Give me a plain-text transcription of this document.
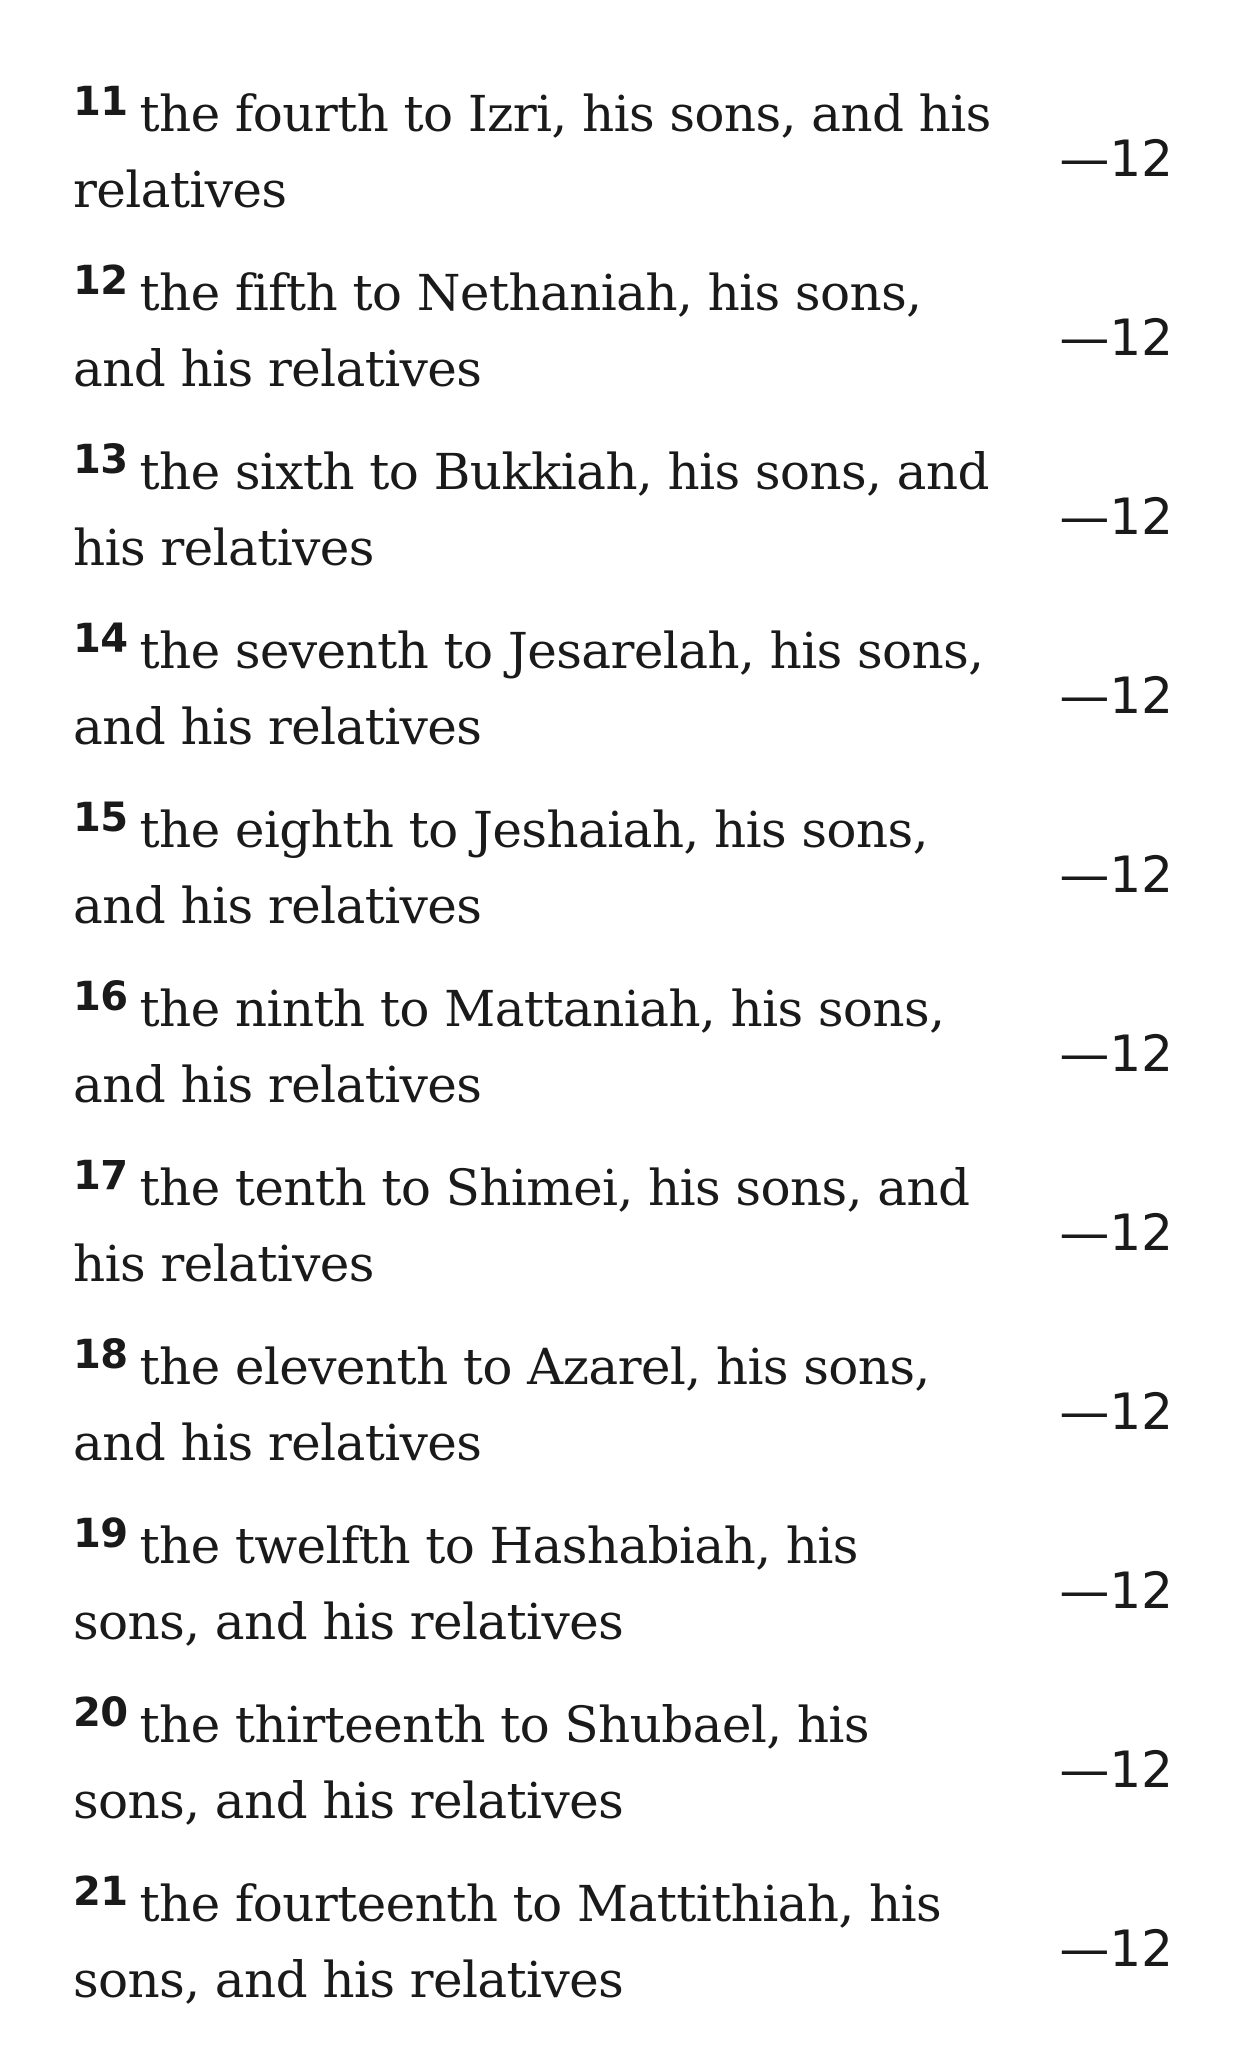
$^{11}$ the fourth to Izri, his sons, and his relatives
—12
$^{12}$ the fifth to Nethaniah, his sons, and his relatives
—12
$^{13}$ the sixth to Bukkiah, his sons, and his relatives
—12
$^{14}$ the seventh to Jesarelah, his sons, and his relatives
—12
$^{15}$ the eighth to Jeshaiah, his sons, and his relatives
—12
$^{16}$ the ninth to Mattaniah, his sons, and his relatives
—12
$^{17}$ the tenth to Shimei, his sons, and his relatives
—12
$^{18}$ the eleventh to Azarel, his sons, and his relatives
—12
$^{19}$ the twelfth to Hashabiah, his sons, and his relatives
—12
$^{20}$ the thirteenth to Shubael, his sons, and his relatives
—12
$^{21}$ the fourteenth to Mattithiah, his sons, and his relatives
—12
